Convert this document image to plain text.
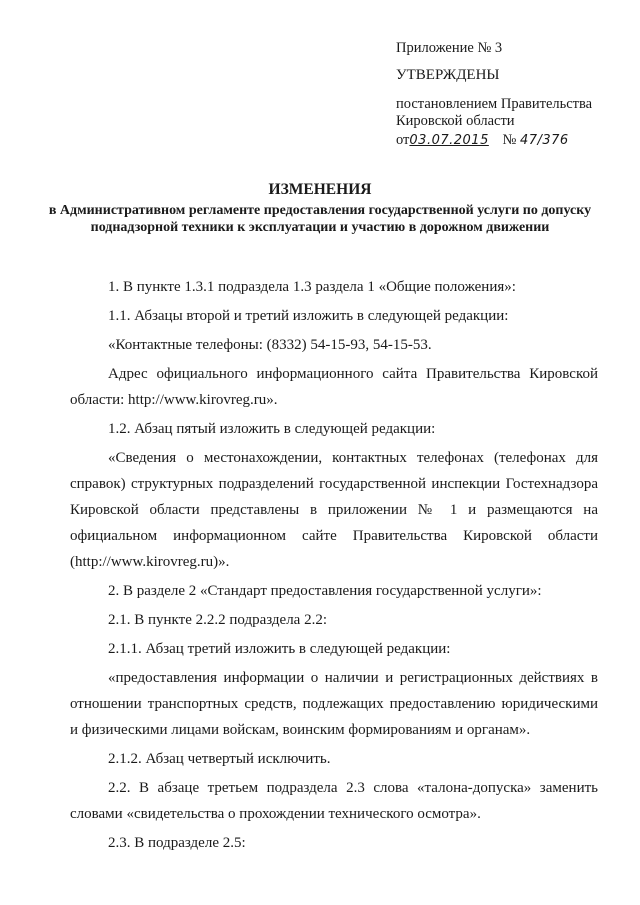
Приложение № 3
УТВЕРЖДЕНЫ
постановлением Правительства
Кировской области
от03.07.2015 № 47/376
ИЗМЕНЕНИЯ
в Административном регламенте предоставления государственной услуги по допуску поднадзорной техники к эксплуатации и участию в дорожном движении

1. В пункте 1.3.1 подраздела 1.3 раздела 1 «Общие положения»:

1.1. Абзацы второй и третий изложить в следующей редакции:

«Контактные телефоны: (8332) 54-15-93, 54-15-53.

Адрес официального информационного сайта Правительства Кировской области: http://www.kirovreg.ru».

1.2. Абзац пятый изложить в следующей редакции:

«Сведения о местонахождении, контактных телефонах (телефонах для справок) структурных подразделений государственной инспекции Гостехнадзора Кировской области представлены в приложении № 1 и размещаются на официальном информационном сайте Правительства Кировской области (http://www.kirovreg.ru)».

2. В разделе 2 «Стандарт предоставления государственной услуги»:

2.1. В пункте 2.2.2 подраздела 2.2:

2.1.1. Абзац третий изложить в следующей редакции:

«предоставления информации о наличии и регистрационных действиях в отношении транспортных средств, подлежащих предоставлению юридическими и физическими лицами войскам, воинским формированиям и органам».

2.1.2. Абзац четвертый исключить.

2.2. В абзаце третьем подраздела 2.3 слова «талона-допуска» заменить словами «свидетельства о прохождении технического осмотра».

2.3. В подразделе 2.5:
